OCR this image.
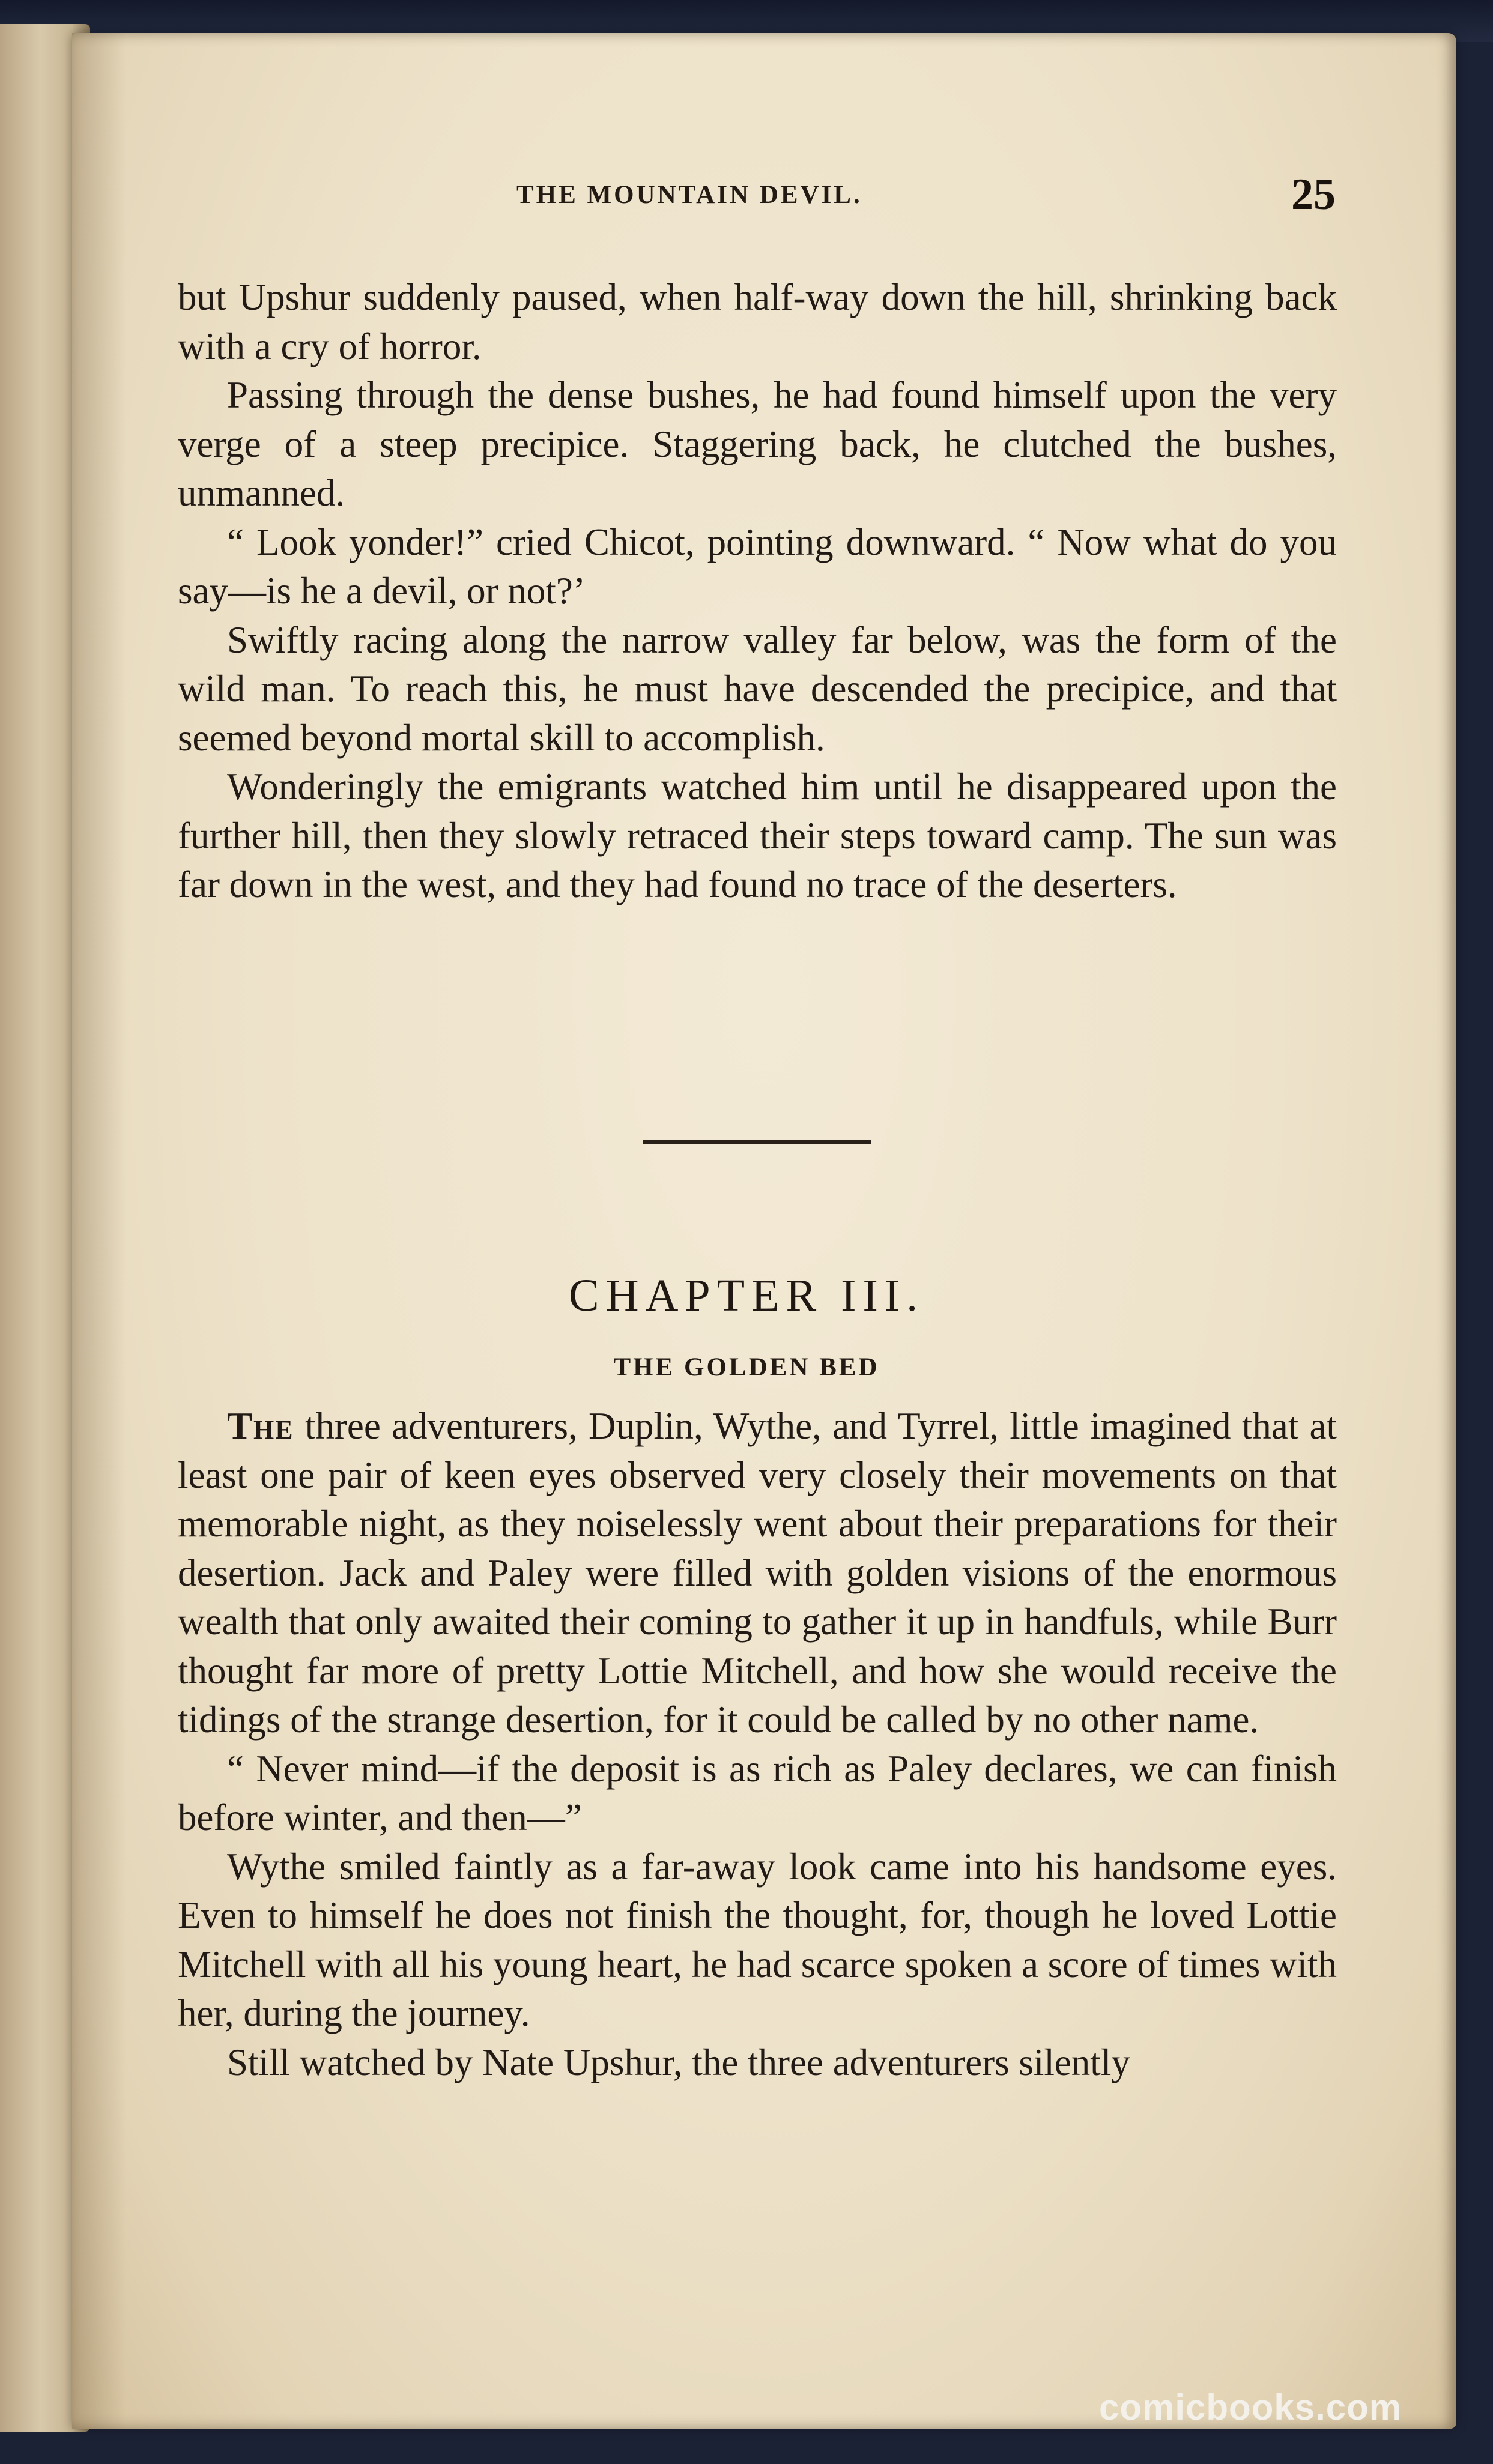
THE MOUNTAIN DEVIL.	25

but Upshur suddenly paused, when half-way down the hill, shrinking back with a cry of horror.

Passing through the dense bushes, he had found himself upon the very verge of a steep precipice. Staggering back, he clutched the bushes, unmanned.

“ Look yonder!” cried Chicot, pointing downward. “ Now what do you say—is he a devil, or not?’

Swiftly racing along the narrow valley far below, was the form of the wild man. To reach this, he must have descended the precipice, and that seemed beyond mortal skill to accomplish.

Wonderingly the emigrants watched him until he disappeared upon the further hill, then they slowly retraced their steps toward camp. The sun was far down in the west, and they had found no trace of the deserters.

CHAPTER III.
THE GOLDEN BED

The three adventurers, Duplin, Wythe, and Tyrrel, little imagined that at least one pair of keen eyes observed very closely their movements on that memorable night, as they noiselessly went about their preparations for their desertion. Jack and Paley were filled with golden visions of the enormous wealth that only awaited their coming to gather it up in handfuls, while Burr thought far more of pretty Lottie Mitchell, and how she would receive the tidings of the strange desertion, for it could be called by no other name.

“ Never mind—if the deposit is as rich as Paley declares, we can finish before winter, and then—”

Wythe smiled faintly as a far-away look came into his handsome eyes. Even to himself he does not finish the thought, for, though he loved Lottie Mitchell with all his young heart, he had scarce spoken a score of times with her, during the journey.

Still watched by Nate Upshur, the three adventurers silently

comicbooks.com
